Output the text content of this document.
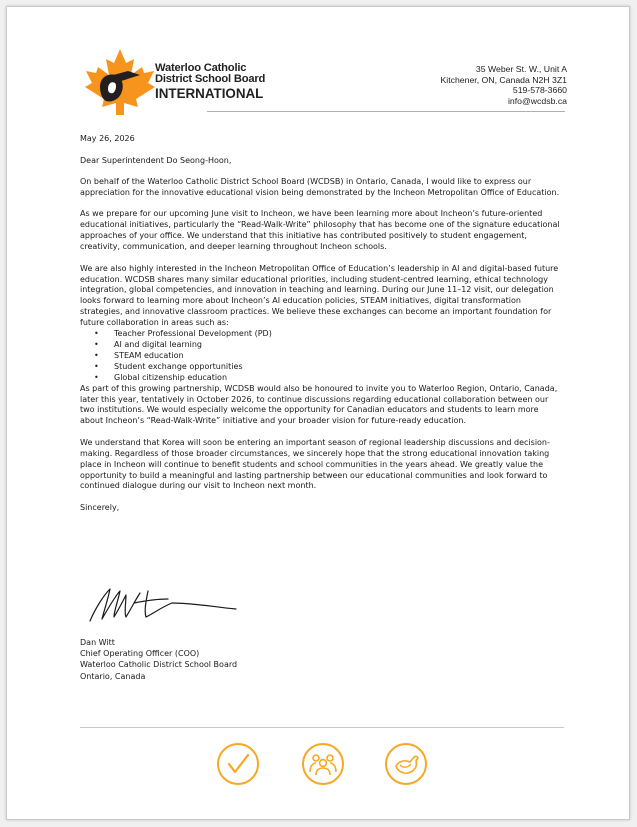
Waterloo Catholic
District School Board
INTERNATIONAL
35 Weber St. W., Unit A
Kitchener, ON, Canada N2H 3Z1
519-578-3660
info@wcdsb.ca

May 26, 2026

Dear Superintendent Do Seong-Hoon,

On behalf of the Waterloo Catholic District School Board (WCDSB) in Ontario, Canada, I would like to express our appreciation for the innovative educational vision being demonstrated by the Incheon Metropolitan Office of Education.

As we prepare for our upcoming June visit to Incheon, we have been learning more about Incheon’s future-oriented educational initiatives, particularly the “Read-Walk-Write” philosophy that has become one of the signature educational approaches of your office. We understand that this initiative has contributed positively to student engagement, creativity, communication, and deeper learning throughout Incheon schools.

We are also highly interested in the Incheon Metropolitan Office of Education’s leadership in AI and digital-based future education. WCDSB shares many similar educational priorities, including student-centred learning, ethical technology integration, global competencies, and innovation in teaching and learning. During our June 11–12 visit, our delegation looks forward to learning more about Incheon’s AI education policies, STEAM initiatives, digital transformation strategies, and innovative classroom practices. We believe these exchanges can become an important foundation for future collaboration in areas such as:

• Teacher Professional Development (PD)
• AI and digital learning
• STEAM education
• Student exchange opportunities
• Global citizenship education

As part of this growing partnership, WCDSB would also be honoured to invite you to Waterloo Region, Ontario, Canada, later this year, tentatively in October 2026, to continue discussions regarding educational collaboration between our two institutions. We would especially welcome the opportunity for Canadian educators and students to learn more about Incheon’s “Read-Walk-Write” initiative and your broader vision for future-ready education.

We understand that Korea will soon be entering an important season of regional leadership discussions and decision-making. Regardless of those broader circumstances, we sincerely hope that the strong educational innovation taking place in Incheon will continue to benefit students and school communities in the years ahead. We greatly value the opportunity to build a meaningful and lasting partnership between our educational communities and look forward to continued dialogue during our visit to Incheon next month.

Sincerely,

Dan Witt
Chief Operating Officer (COO)
Waterloo Catholic District School Board
Ontario, Canada
